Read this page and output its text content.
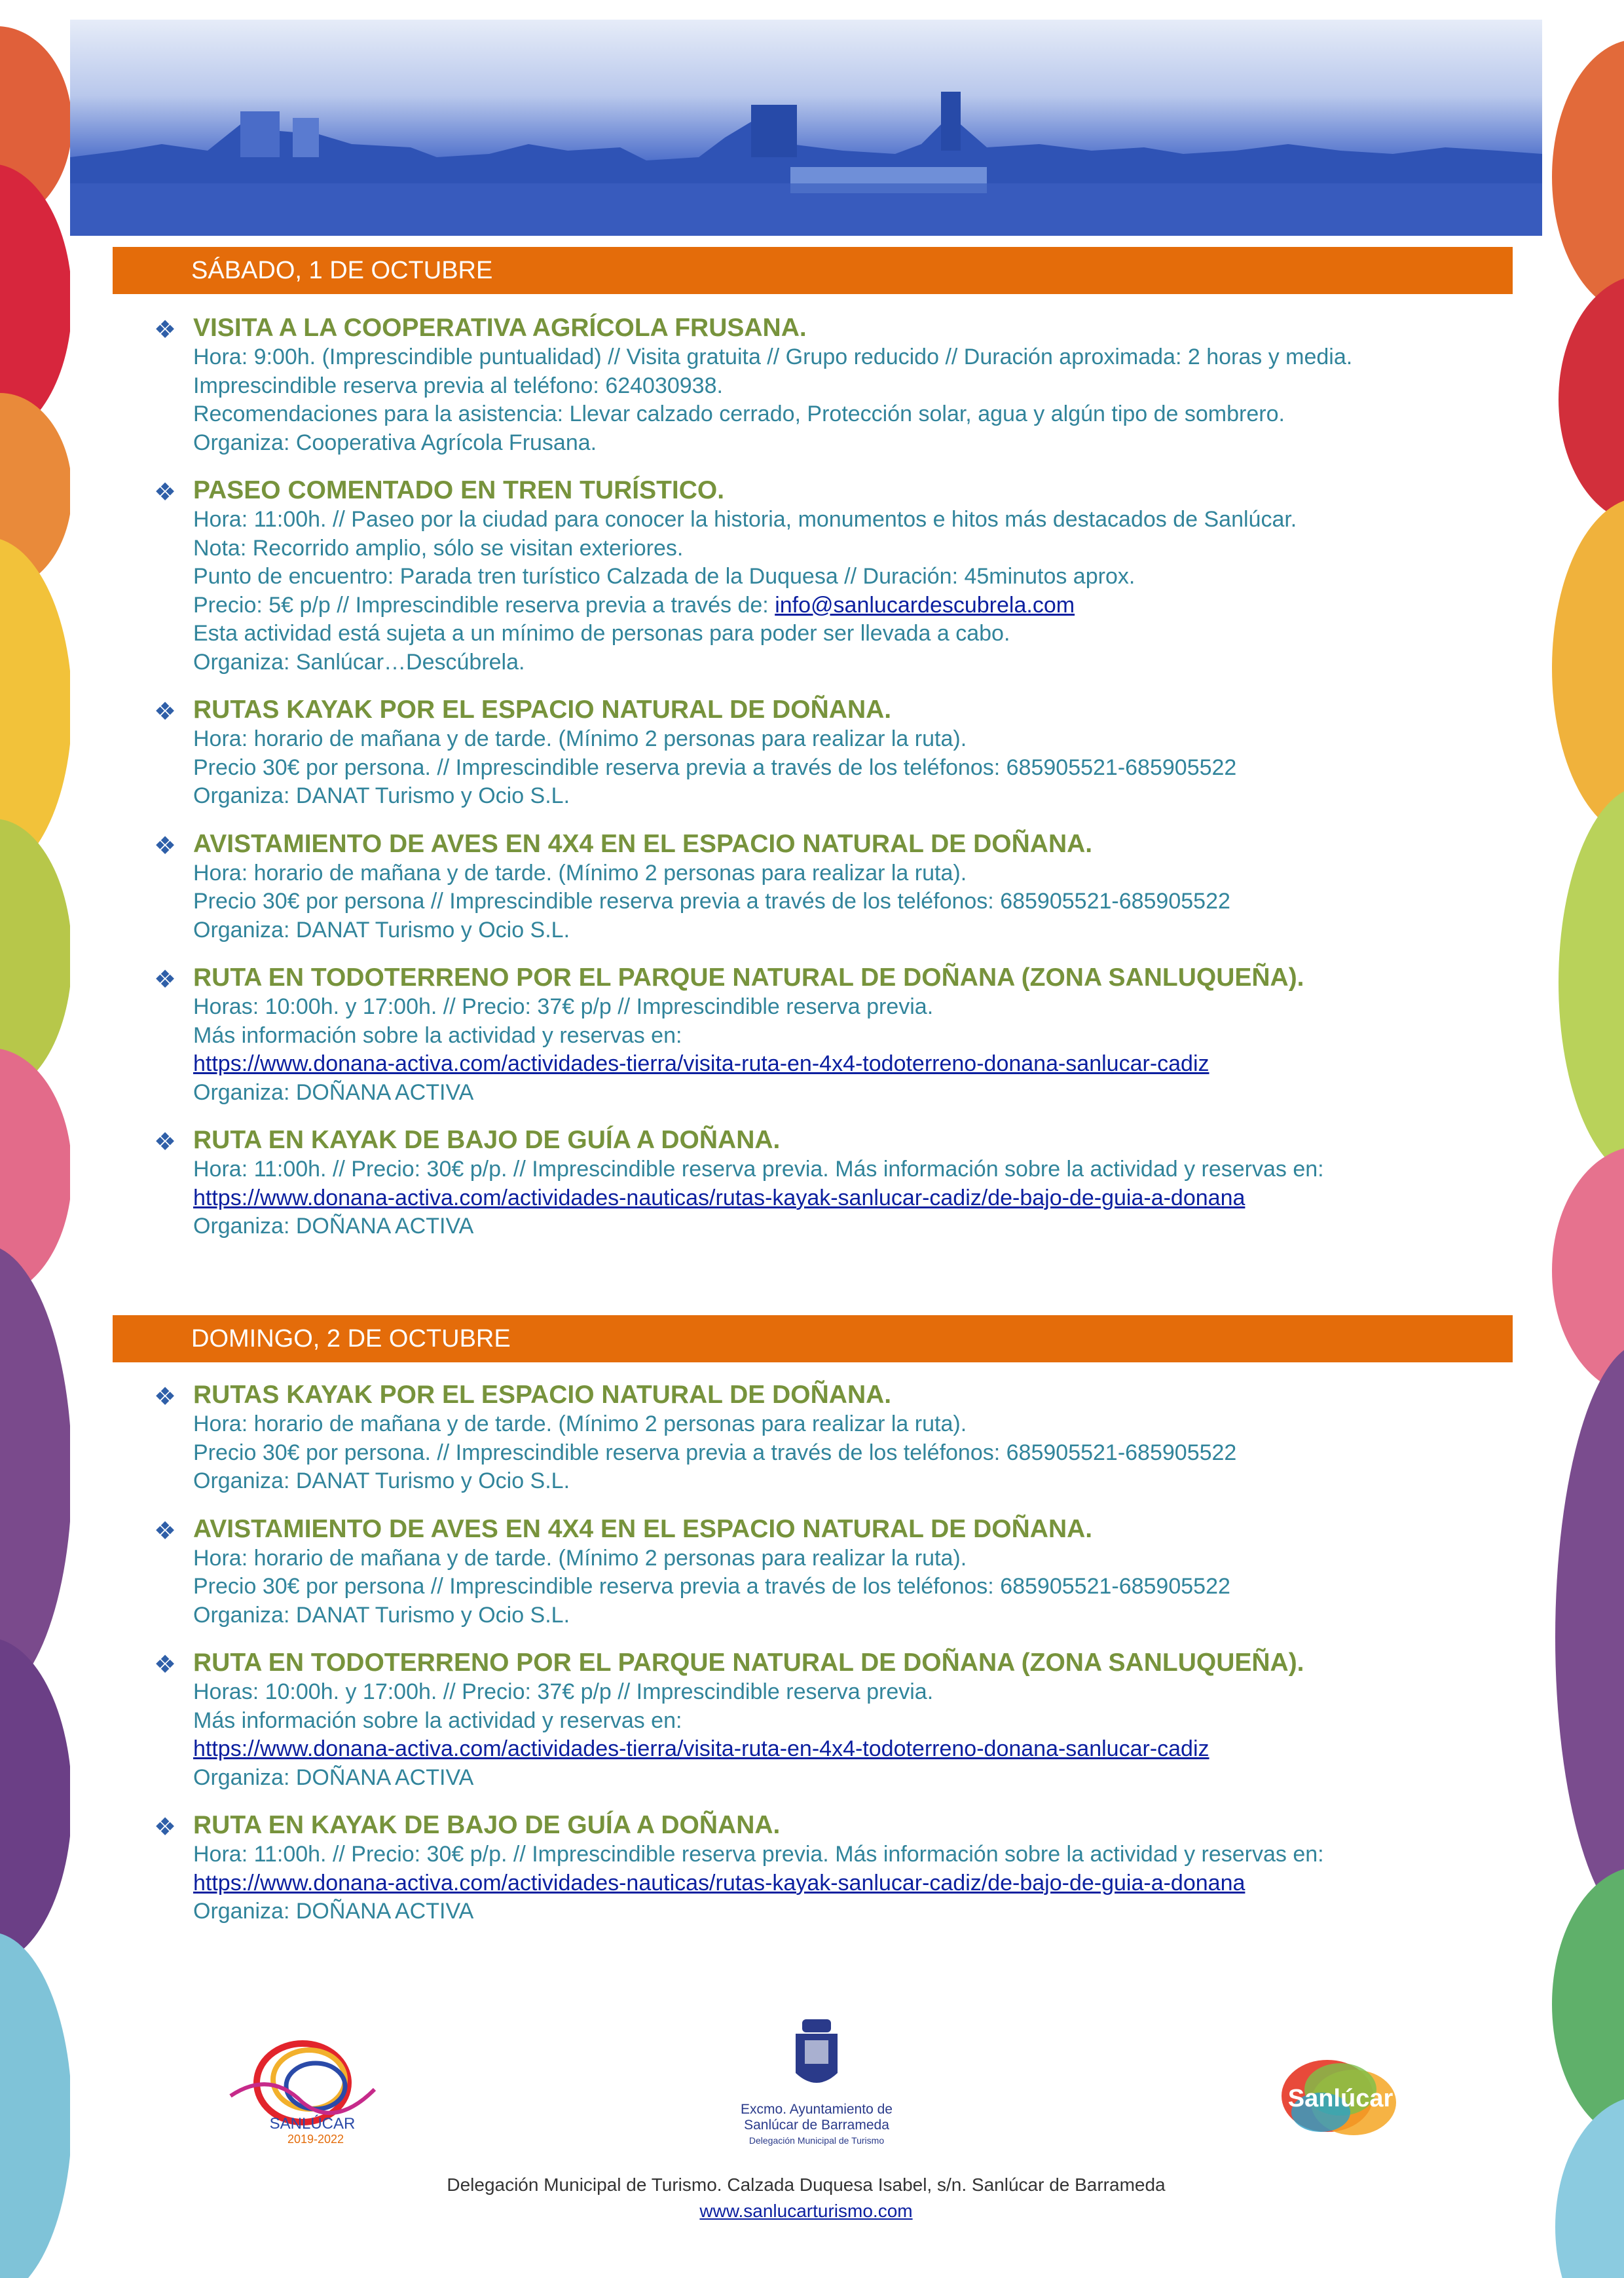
SÁBADO, 1 DE OCTUBRE
❖ VISITA A LA COOPERATIVA AGRÍCOLA FRUSANA.
Hora: 9:00h. (Imprescindible puntualidad) // Visita gratuita // Grupo reducido // Duración aproximada: 2 horas y media.
Imprescindible reserva previa al teléfono: 624030938.
Recomendaciones para la asistencia: Llevar calzado cerrado, Protección solar, agua y algún tipo de sombrero.
Organiza: Cooperativa Agrícola Frusana.
❖ PASEO COMENTADO EN TREN TURÍSTICO.
Hora: 11:00h. // Paseo por la ciudad para conocer la historia, monumentos e hitos más destacados de Sanlúcar.
Nota: Recorrido amplio, sólo se visitan exteriores.
Punto de encuentro: Parada tren turístico Calzada de la Duquesa // Duración: 45minutos aprox.
Precio: 5€ p/p // Imprescindible reserva previa a través de: info@sanlucardescubrela.com
Esta actividad está sujeta a un mínimo de personas para poder ser llevada a cabo.
Organiza: Sanlúcar…Descúbrela.
❖ RUTAS KAYAK POR EL ESPACIO NATURAL DE DOÑANA.
Hora: horario de mañana y de tarde. (Mínimo 2 personas para realizar la ruta).
Precio 30€ por persona. // Imprescindible reserva previa a través de los teléfonos: 685905521-685905522
Organiza: DANAT Turismo y Ocio S.L.
❖ AVISTAMIENTO DE AVES EN 4X4 EN EL ESPACIO NATURAL DE DOÑANA.
Hora: horario de mañana y de tarde. (Mínimo 2 personas para realizar la ruta).
Precio 30€ por persona // Imprescindible reserva previa a través de los teléfonos: 685905521-685905522
Organiza: DANAT Turismo y Ocio S.L.
❖ RUTA EN TODOTERRENO POR EL PARQUE NATURAL DE DOÑANA (ZONA SANLUQUEÑA).
Horas: 10:00h. y 17:00h. // Precio: 37€ p/p // Imprescindible reserva previa.
Más información sobre la actividad y reservas en:
https://www.donana-activa.com/actividades-tierra/visita-ruta-en-4x4-todoterreno-donana-sanlucar-cadiz
Organiza: DOÑANA ACTIVA
❖ RUTA EN KAYAK DE BAJO DE GUÍA A DOÑANA.
Hora: 11:00h. // Precio: 30€ p/p. // Imprescindible reserva previa. Más información sobre la actividad y reservas en:
https://www.donana-activa.com/actividades-nauticas/rutas-kayak-sanlucar-cadiz/de-bajo-de-guia-a-donana
Organiza: DOÑANA ACTIVA
DOMINGO, 2 DE OCTUBRE
❖ RUTAS KAYAK POR EL ESPACIO NATURAL DE DOÑANA.
Hora: horario de mañana y de tarde. (Mínimo 2 personas para realizar la ruta).
Precio 30€ por persona. // Imprescindible reserva previa a través de los teléfonos: 685905521-685905522
Organiza: DANAT Turismo y Ocio S.L.
❖ AVISTAMIENTO DE AVES EN 4X4 EN EL ESPACIO NATURAL DE DOÑANA.
Hora: horario de mañana y de tarde. (Mínimo 2 personas para realizar la ruta).
Precio 30€ por persona // Imprescindible reserva previa a través de los teléfonos: 685905521-685905522
Organiza: DANAT Turismo y Ocio S.L.
❖ RUTA EN TODOTERRENO POR EL PARQUE NATURAL DE DOÑANA (ZONA SANLUQUEÑA).
Horas: 10:00h. y 17:00h. // Precio: 37€ p/p // Imprescindible reserva previa.
Más información sobre la actividad y reservas en:
https://www.donana-activa.com/actividades-tierra/visita-ruta-en-4x4-todoterreno-donana-sanlucar-cadiz
Organiza: DOÑANA ACTIVA
❖ RUTA EN KAYAK DE BAJO DE GUÍA A DOÑANA.
Hora: 11:00h. // Precio: 30€ p/p. // Imprescindible reserva previa. Más información sobre la actividad y reservas en:
https://www.donana-activa.com/actividades-nauticas/rutas-kayak-sanlucar-cadiz/de-bajo-de-guia-a-donana
Organiza: DOÑANA ACTIVA
SANLÚCAR
2019-2022
Excmo. Ayuntamiento de
Sanlúcar de Barrameda
Delegación Municipal de Turismo
Sanlúcar
Delegación Municipal de Turismo. Calzada Duquesa Isabel, s/n. Sanlúcar de Barrameda
www.sanlucarturismo.com
